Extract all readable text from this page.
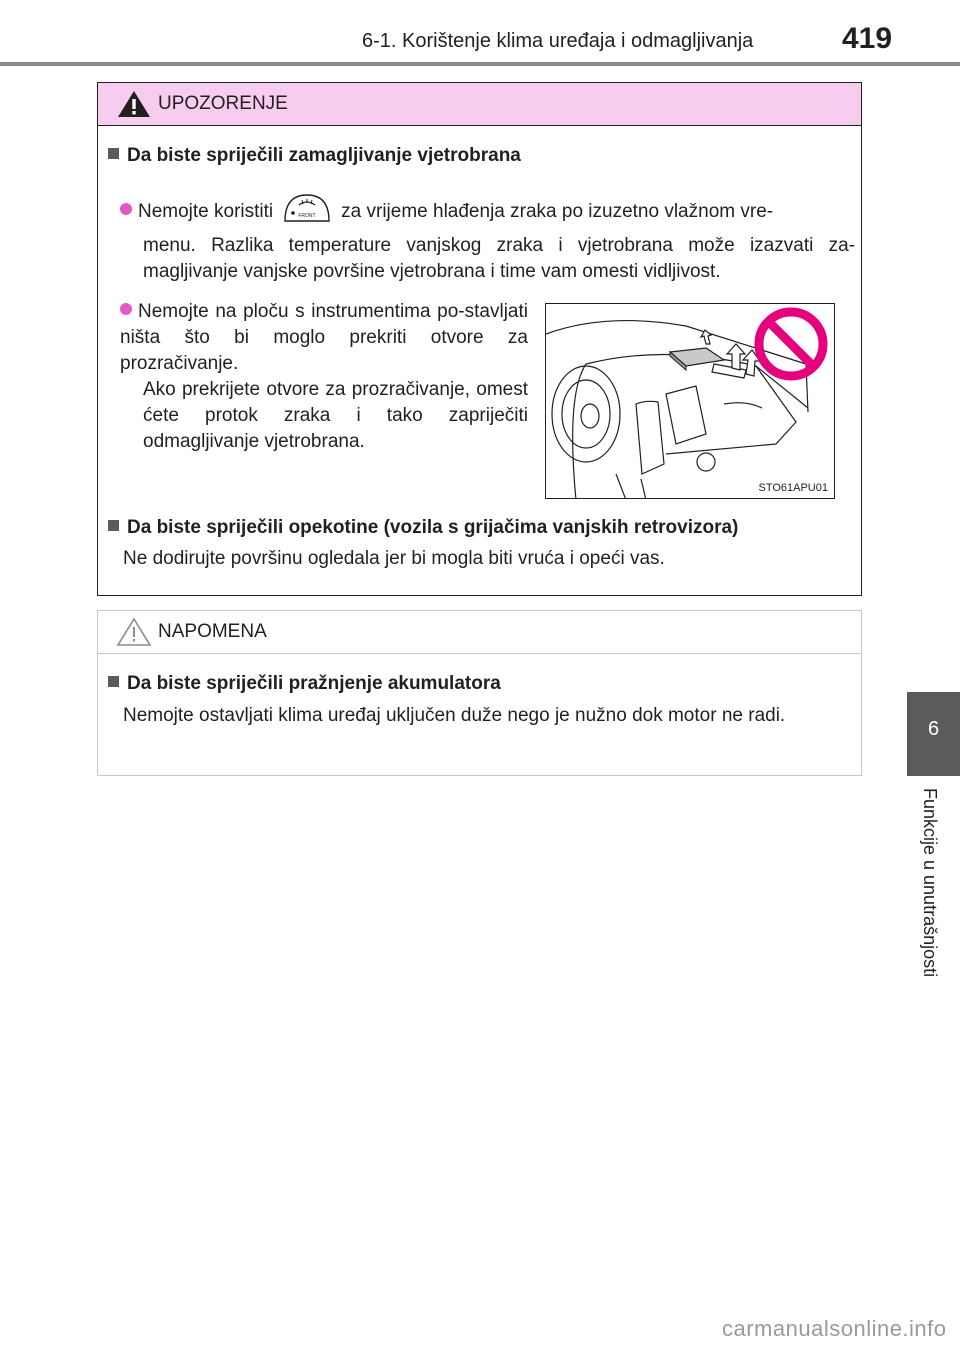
6-1. Korištenje klima uređaja i odmagljivanja	419
6
Funkcije u unutrašnjosti
UPOZORENJE
Da biste spriječili zamagljivanje vjetrobrana
Nemojte koristiti	FRONT za vrijeme hlađenja zraka po izuzetno vlažnom vre-
menu. Razlika temperature vanjskog zraka i vjetrobrana može izazvati za-magljivanje vanjske površine vjetrobrana i time vam omesti vidljivost.
Nemojte na ploču s instrumentima po-stavljati ništa što bi moglo prekriti otvore za prozračivanje.
Ako prekrijete otvore za prozračivanje, omest ćete protok zraka i tako zapriječiti odmagljivanje vjetrobrana.
STO61APU01
Da biste spriječili opekotine (vozila s grijačima vanjskih retrovizora)
Ne dodirujte površinu ogledala jer bi mogla biti vruća i opeći vas.
NAPOMENA
Da biste spriječili pražnjenje akumulatora
Nemojte ostavljati klima uređaj uključen duže nego je nužno dok motor ne radi.
carmanualsonline.info
